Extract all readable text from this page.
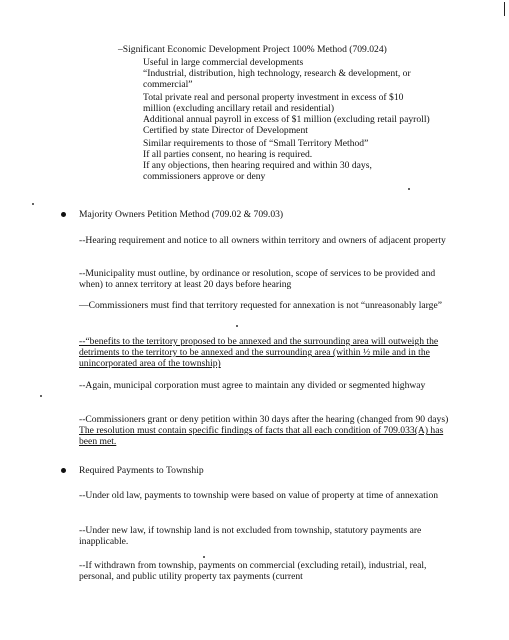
–Significant Economic Development Project 100% Method (709.024)
Useful in large commercial developments
“Industrial, distribution, high technology, research & development, or
commercial”
Total private real and personal property investment in excess of $10
million (excluding ancillary retail and residential)
Additional annual payroll in excess of $1 million (excluding retail payroll)
Certified by state Director of Development
Similar requirements to those of “Small Territory Method”
If all parties consent, no hearing is required.
If any objections, then hearing required and within 30 days,
commissioners approve or deny
Majority Owners Petition Method (709.02 & 709.03)
--Hearing requirement and notice to all owners within territory and owners of adjacent property
--Municipality must outline, by ordinance or resolution, scope of services to be provided and when) to annex territory at least 20 days before hearing
—Commissioners must find that territory requested for annexation is not “unreasonably large”
--“benefits to the territory proposed to be annexed and the surrounding area will outweigh the detriments to the territory to be annexed and the surrounding area (within ½ mile and in the unincorporated area of the township)
--Again, municipal corporation must agree to maintain any divided or segmented highway
--Commissioners grant or deny petition within 30 days after the hearing (changed from 90 days) The resolution must contain specific findings of facts that all each condition of 709.033(A) has been met.
Required Payments to Township
--Under old law, payments to township were based on value of property at time of annexation
--Under new law, if township land is not excluded from township, statutory payments are inapplicable.
--If withdrawn from township, payments on commercial (excluding retail), industrial, real, personal, and public utility property tax payments (current
